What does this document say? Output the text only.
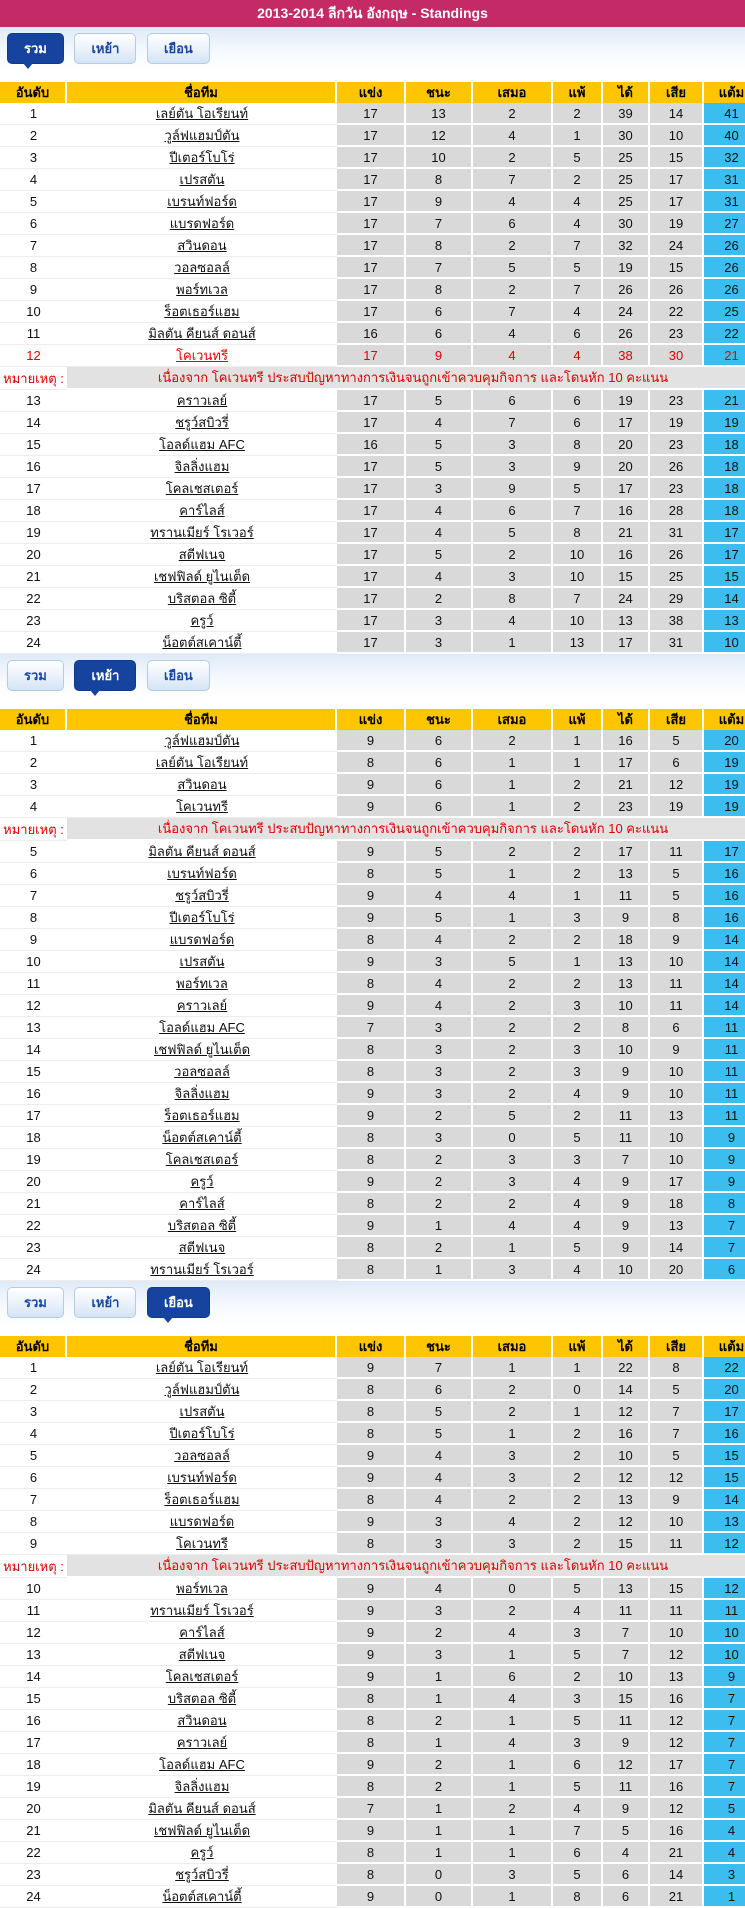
2013-2014 ลีกวัน อังกฤษ - Standings
รวม	เหย้า	เยือน
อันดับ	ชื่อทีม	แข่ง	ชนะ	เสมอ	แพ้	ได้	เสีย	แต้ม
1	เลย์ตัน โอเรียนท์	17	13	2	2	39	14	41
2	วูล์ฟแฮมป์ตัน	17	12	4	1	30	10	40
3	ปีเตอร์โบโร่	17	10	2	5	25	15	32
4	เปรสตัน	17	8	7	2	25	17	31
5	เบรนท์ฟอร์ด	17	9	4	4	25	17	31
6	แบรดฟอร์ด	17	7	6	4	30	19	27
7	สวินดอน	17	8	2	7	32	24	26
8	วอลซอลล์	17	7	5	5	19	15	26
9	พอร์ทเวล	17	8	2	7	26	26	26
10	ร็อตเธอร์แฮม	17	6	7	4	24	22	25
11	มิลตัน คียนส์ ดอนส์	16	6	4	6	26	23	22
12	โคเวนทรี	17	9	4	4	38	30	21
หมายเหตุ :	เนื่องจาก โคเวนทรี ประสบปัญหาทางการเงินจนถูกเข้าควบคุมกิจการ และโดนหัก 10 คะแนน							
13	คราวเลย์	17	5	6	6	19	23	21
14	ชรูว์สบิวรี่	17	4	7	6	17	19	19
15	โอลด์แฮม AFC	16	5	3	8	20	23	18
16	จิลลิ่งแฮม	17	5	3	9	20	26	18
17	โคลเชสเตอร์	17	3	9	5	17	23	18
18	คาร์ไลส์	17	4	6	7	16	28	18
19	ทรานเมียร์ โรเวอร์	17	4	5	8	21	31	17
20	สตีฟเนจ	17	5	2	10	16	26	17
21	เชฟฟิลด์ ยูไนเต็ด	17	4	3	10	15	25	15
22	บริสตอล ซิตี้	17	2	8	7	24	29	14
23	ครูว์	17	3	4	10	13	38	13
24	น็อตต์สเคาน์ตี้	17	3	1	13	17	31	10
รวม	เหย้า	เยือน
อันดับ	ชื่อทีม	แข่ง	ชนะ	เสมอ	แพ้	ได้	เสีย	แต้ม
1	วูล์ฟแฮมป์ตัน	9	6	2	1	16	5	20
2	เลย์ตัน โอเรียนท์	8	6	1	1	17	6	19
3	สวินดอน	9	6	1	2	21	12	19
4	โคเวนทรี	9	6	1	2	23	19	19
หมายเหตุ :	เนื่องจาก โคเวนทรี ประสบปัญหาทางการเงินจนถูกเข้าควบคุมกิจการ และโดนหัก 10 คะแนน							
5	มิลตัน คียนส์ ดอนส์	9	5	2	2	17	11	17
6	เบรนท์ฟอร์ด	8	5	1	2	13	5	16
7	ชรูว์สบิวรี่	9	4	4	1	11	5	16
8	ปีเตอร์โบโร่	9	5	1	3	9	8	16
9	แบรดฟอร์ด	8	4	2	2	18	9	14
10	เปรสตัน	9	3	5	1	13	10	14
11	พอร์ทเวล	8	4	2	2	13	11	14
12	คราวเลย์	9	4	2	3	10	11	14
13	โอลด์แฮม AFC	7	3	2	2	8	6	11
14	เชฟฟิลด์ ยูไนเต็ด	8	3	2	3	10	9	11
15	วอลซอลล์	8	3	2	3	9	10	11
16	จิลลิ่งแฮม	9	3	2	4	9	10	11
17	ร็อตเธอร์แฮม	9	2	5	2	11	13	11
18	น็อตต์สเคาน์ตี้	8	3	0	5	11	10	9
19	โคลเชสเตอร์	8	2	3	3	7	10	9
20	ครูว์	9	2	3	4	9	17	9
21	คาร์ไลส์	8	2	2	4	9	18	8
22	บริสตอล ซิตี้	9	1	4	4	9	13	7
23	สตีฟเนจ	8	2	1	5	9	14	7
24	ทรานเมียร์ โรเวอร์	8	1	3	4	10	20	6
รวม	เหย้า	เยือน
อันดับ	ชื่อทีม	แข่ง	ชนะ	เสมอ	แพ้	ได้	เสีย	แต้ม
1	เลย์ตัน โอเรียนท์	9	7	1	1	22	8	22
2	วูล์ฟแฮมป์ตัน	8	6	2	0	14	5	20
3	เปรสตัน	8	5	2	1	12	7	17
4	ปีเตอร์โบโร่	8	5	1	2	16	7	16
5	วอลซอลล์	9	4	3	2	10	5	15
6	เบรนท์ฟอร์ด	9	4	3	2	12	12	15
7	ร็อตเธอร์แฮม	8	4	2	2	13	9	14
8	แบรดฟอร์ด	9	3	4	2	12	10	13
9	โคเวนทรี	8	3	3	2	15	11	12
หมายเหตุ :	เนื่องจาก โคเวนทรี ประสบปัญหาทางการเงินจนถูกเข้าควบคุมกิจการ และโดนหัก 10 คะแนน							
10	พอร์ทเวล	9	4	0	5	13	15	12
11	ทรานเมียร์ โรเวอร์	9	3	2	4	11	11	11
12	คาร์ไลส์	9	2	4	3	7	10	10
13	สตีฟเนจ	9	3	1	5	7	12	10
14	โคลเชสเตอร์	9	1	6	2	10	13	9
15	บริสตอล ซิตี้	8	1	4	3	15	16	7
16	สวินดอน	8	2	1	5	11	12	7
17	คราวเลย์	8	1	4	3	9	12	7
18	โอลด์แฮม AFC	9	2	1	6	12	17	7
19	จิลลิ่งแฮม	8	2	1	5	11	16	7
20	มิลตัน คียนส์ ดอนส์	7	1	2	4	9	12	5
21	เชฟฟิลด์ ยูไนเต็ด	9	1	1	7	5	16	4
22	ครูว์	8	1	1	6	4	21	4
23	ชรูว์สบิวรี่	8	0	3	5	6	14	3
24	น็อตต์สเคาน์ตี้	9	0	1	8	6	21	1
